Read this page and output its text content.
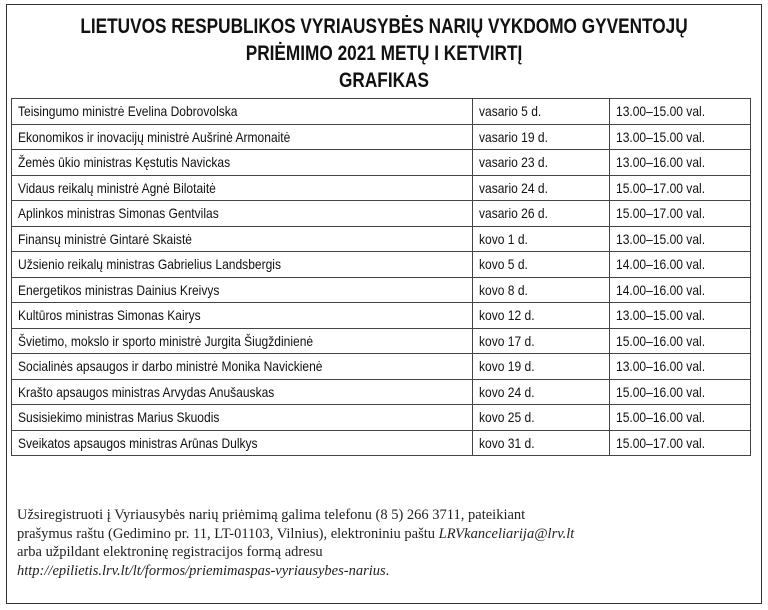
LIETUVOS RESPUBLIKOS VYRIAUSYBĖS NARIŲ VYKDOMO GYVENTOJŲ
PRIĖMIMO 2021 METŲ I KETVIRTĮ
GRAFIKAS
Teisingumo ministrė Evelina Dobrovolska	vasario 5 d.	13.00–15.00 val.
Ekonomikos ir inovacijų ministrė Aušrinė Armonaitė	vasario 19 d.	13.00–15.00 val.
Žemės ūkio ministras Kęstutis Navickas	vasario 23 d.	13.00–16.00 val.
Vidaus reikalų ministrė Agnė Bilotaitė	vasario 24 d.	15.00–17.00 val.
Aplinkos ministras Simonas Gentvilas	vasario 26 d.	15.00–17.00 val.
Finansų ministrė Gintarė Skaistė	kovo 1 d.	13.00–15.00 val.
Užsienio reikalų ministras Gabrielius Landsbergis	kovo 5 d.	14.00–16.00 val.
Energetikos ministras Dainius Kreivys	kovo 8 d.	14.00–16.00 val.
Kultūros ministras Simonas Kairys	kovo 12 d.	13.00–15.00 val.
Švietimo, mokslo ir sporto ministrė Jurgita Šiugždinienė	kovo 17 d.	15.00–16.00 val.
Socialinės apsaugos ir darbo ministrė Monika Navickienė	kovo 19 d.	13.00–16.00 val.
Krašto apsaugos ministras Arvydas Anušauskas	kovo 24 d.	15.00–16.00 val.
Susisiekimo ministras Marius Skuodis	kovo 25 d.	15.00–16.00 val.
Sveikatos apsaugos ministras Arūnas Dulkys	kovo 31 d.	15.00–17.00 val.
Užsiregistruoti į Vyriausybės narių priėmimą galima telefonu (8 5) 266 3711, pateikiant
prašymus raštu (Gedimino pr. 11, LT-01103, Vilnius), elektroniniu paštu LRVkanceliarija@lrv.lt
arba užpildant elektroninę registracijos formą adresu
http://epilietis.lrv.lt/lt/formos/priemimaspas-vyriausybes-narius.
